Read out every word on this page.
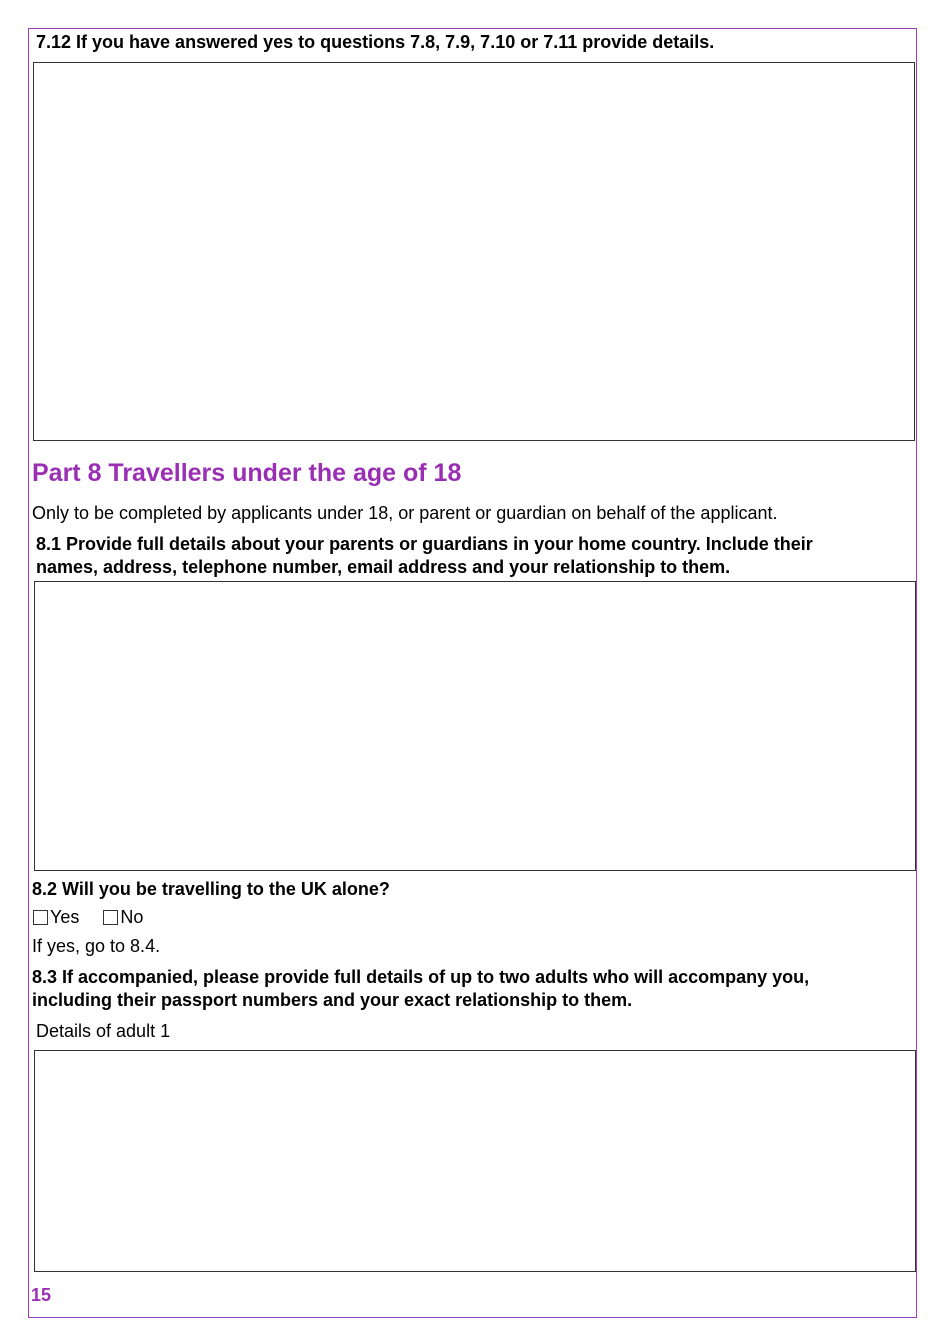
7.12 If you have answered yes to questions 7.8, 7.9, 7.10 or 7.11 provide details.
Part 8 Travellers under the age of 18
Only to be completed by applicants under 18, or parent or guardian on behalf of the applicant.
8.1 Provide full details about your parents or guardians in your home country. Include their
names, address, telephone number, email address and your relationship to them.
8.2 Will you be travelling to the UK alone?
Yes
No
If yes, go to 8.4.
8.3 If accompanied, please provide full details of up to two adults who will accompany you,
including their passport numbers and your exact relationship to them.
Details of adult 1
15
